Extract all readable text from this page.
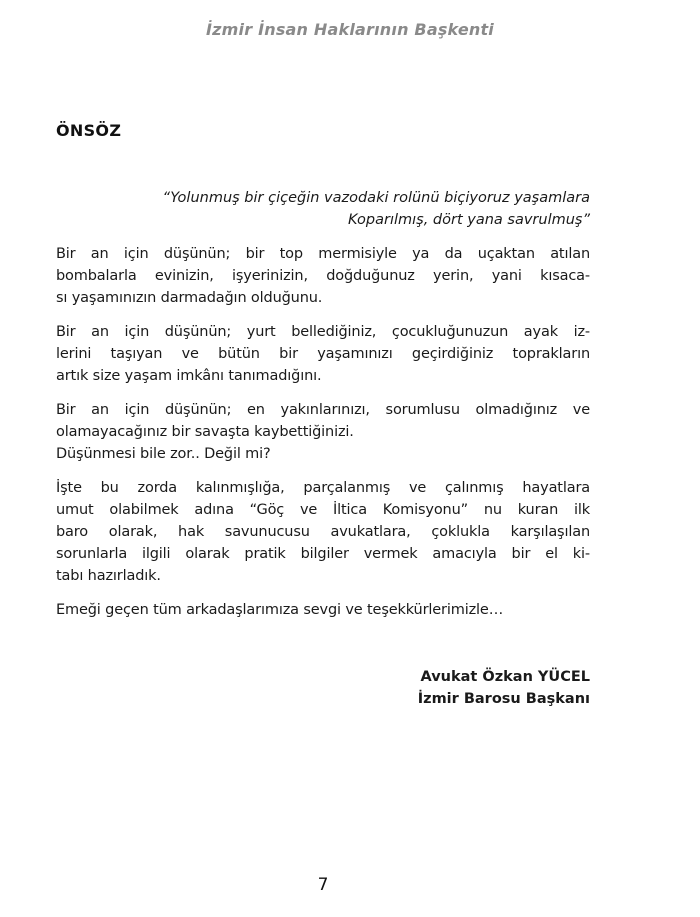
İzmir İnsan Haklarının Başkenti
ÖNSÖZ
“Yolunmuş bir çiçeğin vazodaki rolünü biçiyoruz yaşamlara
Koparılmış, dört yana savrulmuş”

Bir an için düşünün; bir top mermisiyle ya da uçaktan atılan
bombalarla evinizin, işyerinizin, doğduğunuz yerin, yani kısaca-
sı yaşamınızın darmadağın olduğunu.

Bir an için düşünün; yurt bellediğiniz, çocukluğunuzun ayak iz-
lerini taşıyan ve bütün bir yaşamınızı geçirdiğiniz toprakların
artık size yaşam imkânı tanımadığını.

Bir an için düşünün; en yakınlarınızı, sorumlusu olmadığınız ve
olamayacağınız bir savaşta kaybettiğinizi.
Düşünmesi bile zor.. Değil mi?

İşte bu zorda kalınmışlığa, parçalanmış ve çalınmış hayatlara
umut olabilmek adına “Göç ve İltica Komisyonu” nu kuran ilk
baro olarak, hak savunucusu avukatlara, çoklukla karşılaşılan
sorunlarla ilgili olarak pratik bilgiler vermek amacıyla bir el ki-
tabı hazırladık.

Emeği geçen tüm arkadaşlarımıza sevgi ve teşekkürlerimizle…

Avukat Özkan YÜCEL
İzmir Barosu Başkanı
7
